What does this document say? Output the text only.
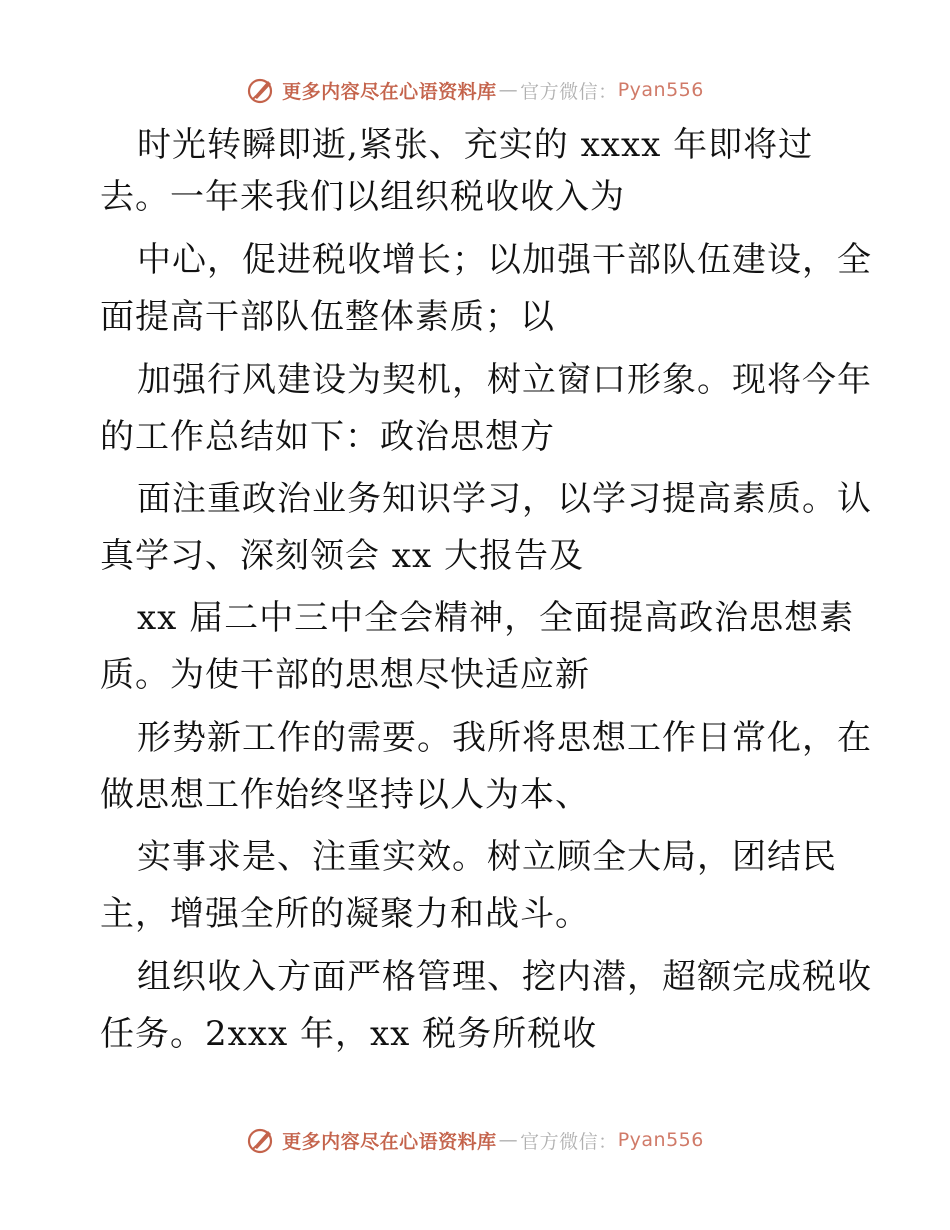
更多内容尽在心语资料库 — 官方微信： Pyan556
时光转瞬即逝,紧张、充实的 xxxx 年即将过
去。一年来我们以组织税收收入为
中心，促进税收增长；以加强干部队伍建设，全
面提高干部队伍整体素质；以
加强行风建设为契机，树立窗口形象。现将今年
的工作总结如下：政治思想方
面注重政治业务知识学习，以学习提高素质。认
真学习、深刻领会 xx 大报告及
xx 届二中三中全会精神，全面提高政治思想素
质。为使干部的思想尽快适应新
形势新工作的需要。我所将思想工作日常化，在
做思想工作始终坚持以人为本、
实事求是、注重实效。树立顾全大局，团结民
主，增强全所的凝聚力和战斗。
组织收入方面严格管理、挖内潜，超额完成税收
任务。2xxx 年，xx 税务所税收
更多内容尽在心语资料库 — 官方微信： Pyan556
